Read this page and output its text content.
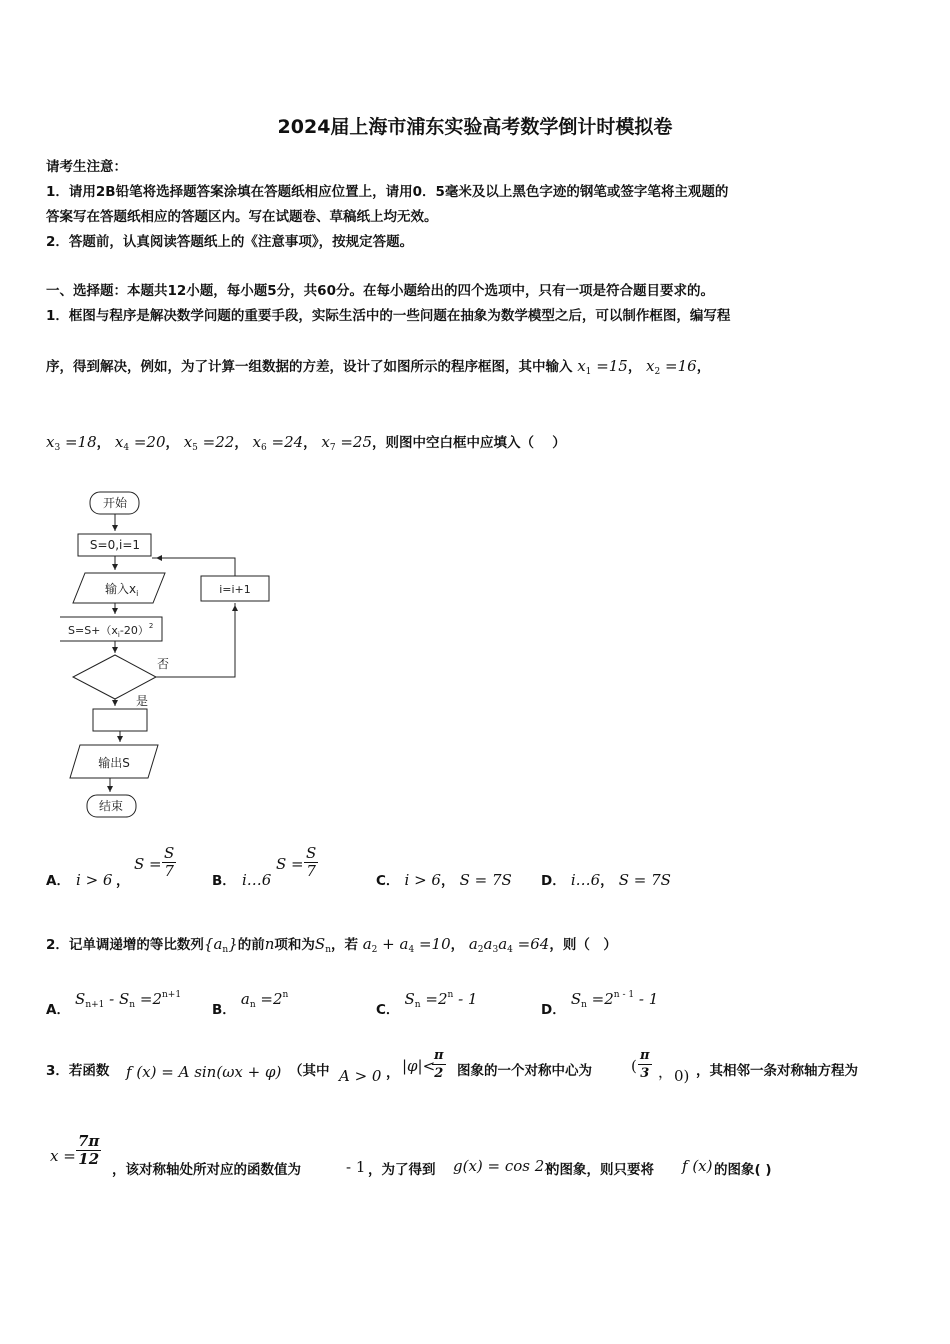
2024届上海市浦东实验高考数学倒计时模拟卷
请考生注意：
1．请用2B铅笔将选择题答案涂填在答题纸相应位置上，请用0．5毫米及以上黑色字迹的钢笔或签字笔将主观题的
答案写在答题纸相应的答题区内。写在试题卷、草稿纸上均无效。
2．答题前，认真阅读答题纸上的《注意事项》，按规定答题。
一、选择题：本题共12小题，每小题5分，共60分。在每小题给出的四个选项中，只有一项是符合题目要求的。
1．框图与程序是解决数学问题的重要手段，实际生活中的一些问题在抽象为数学模型之后，可以制作框图，编写程
序，得到解决，例如，为了计算一组数据的方差，设计了如图所示的程序框图，其中输入 $x_1 =15$， $x_2 =16$，
$x_3 =18$， $x_4 =20$， $x_5 =22$， $x_6 =24$， $x_7 =25$，则图中空白框中应填入（　 ）
开始
S=0,i=1
输入$x_i$
$S=S+(x_i-20)^2$
i=i+1
否
是
输出S
结束
A． i > 6 ，
$S = \frac{S}{7}$
B． i…6
$S = \frac{S}{7}$
C． i > 6， S = 7S D． i…6， S = 7S
2．记单调递增的等比数列$\{a_n\}$的前n项和为$S_n$，若 $a_2 + a_4 =10$， $a_2a_3a_4 =64$，则（　）
$_{A.}$ $S_{n+1} - S_n =2^{n+1}$
$_{B.}$ $a_n =2^n$
$_{C.}$ $S_n =2^n - 1$
$_{D.}$ $S_n =2^{n - 1} - 1$
3．若函数 f (x) = A sin(ωx + φ) （其中 A > 0 ， |φ|<
$\frac{\pi}{2}$ 图象的一个对称中心为	( $\frac{\pi}{3}$ ， 0) ，其相邻一条对称轴方程为
$x = \frac{7\pi}{12}$
，该对称轴处所对应的函数值为	- 1 ，为了得到 g(x) = cos 2x
的图象，则只要将 f (x) 的图象( )
